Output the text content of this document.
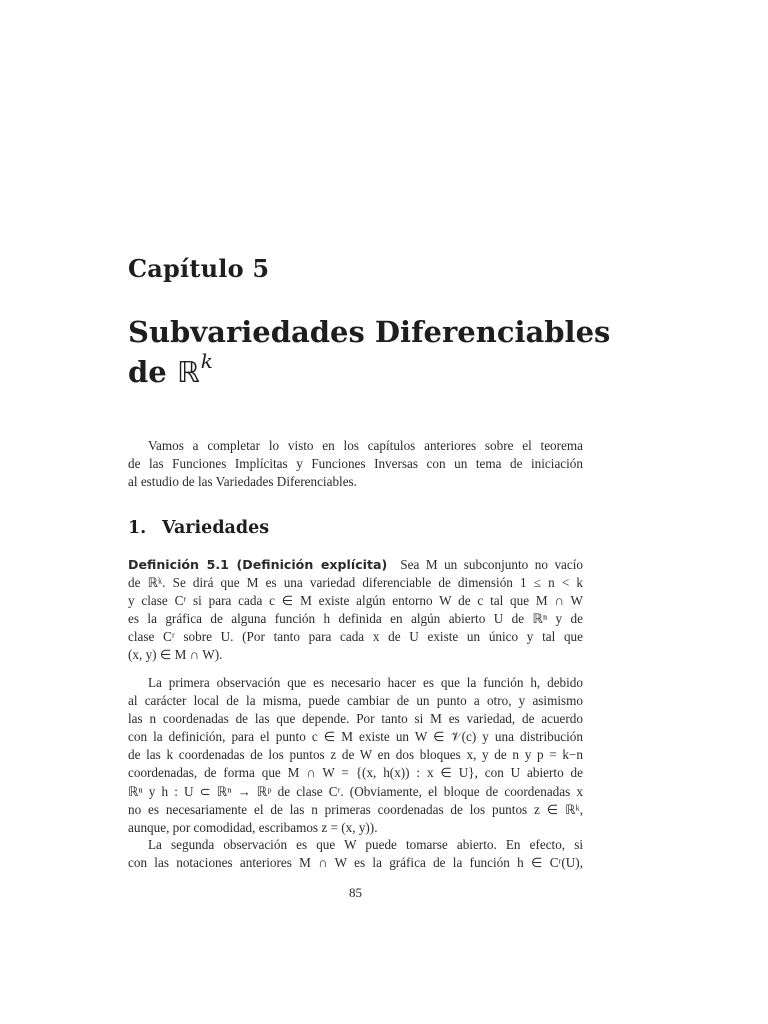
Capítulo 5
Subvariedades Diferenciables
de ℝ$^k$
Vamos a completar lo visto en los capítulos anteriores sobre el teorema
de las Funciones Implícitas y Funciones Inversas con un tema de iniciación
al estudio de las Variedades Diferenciables.
1. Variedades
Definición 5.1 (Definición explícita) Sea M un subconjunto no vacío
de ℝᵏ. Se dirá que M es una variedad diferenciable de dimensión 1 ≤ n < k
y clase Cʳ si para cada c ∈ M existe algún entorno W de c tal que M ∩ W
es la gráfica de alguna función h definida en algún abierto U de ℝⁿ y de
clase Cʳ sobre U. (Por tanto para cada x de U existe un único y tal que
(x, y) ∈ M ∩ W).
La primera observación que es necesario hacer es que la función h, debido
al carácter local de la misma, puede cambiar de un punto a otro, y asimismo
las n coordenadas de las que depende. Por tanto si M es variedad, de acuerdo
con la definición, para el punto c ∈ M existe un W ∈ 𝒱(c) y una distribución
de las k coordenadas de los puntos z de W en dos bloques x, y de n y p = k−n
coordenadas, de forma que M ∩ W = {(x, h(x)) : x ∈ U}, con U abierto de
ℝⁿ y h : U ⊂ ℝⁿ → ℝᵖ de clase Cʳ. (Obviamente, el bloque de coordenadas x
no es necesariamente el de las n primeras coordenadas de los puntos z ∈ ℝᵏ,
aunque, por comodidad, escribamos z = (x, y)).
La segunda observación es que W puede tomarse abierto. En efecto, si
con las notaciones anteriores M ∩ W es la gráfica de la función h ∈ Cʳ(U),
85
